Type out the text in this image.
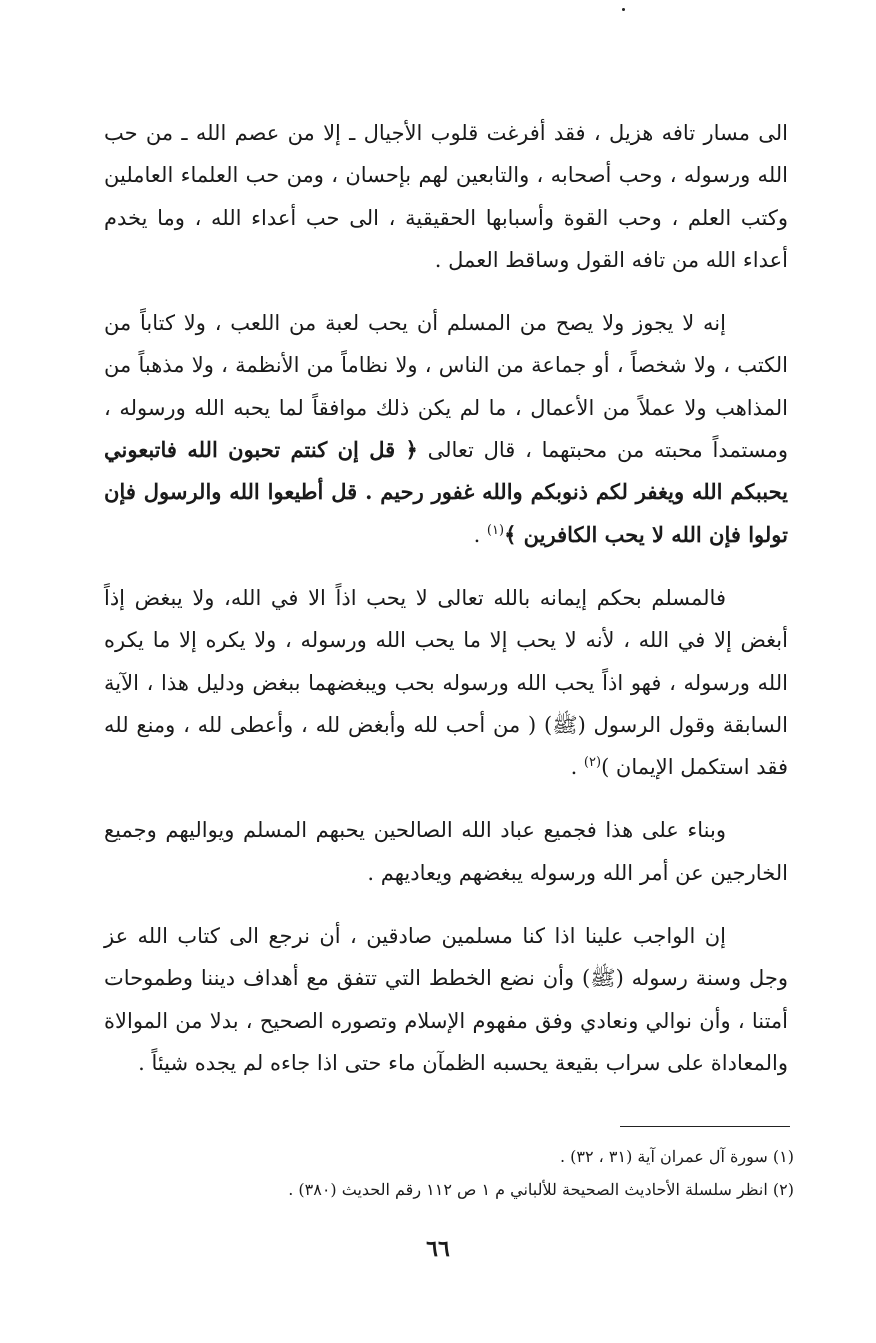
الى مسار تافه هزيل ، فقد أفرغت قلوب الأجيال ـ إلا من عصم الله ـ من حب الله ورسوله ، وحب أصحابه ، والتابعين لهم بإحسان ، ومن حب العلماء العاملين وكتب العلم ، وحب القوة وأسبابها الحقيقية ، الى حب أعداء الله ، وما يخدم أعداء الله من تافه القول وساقط العمل .

إنه لا يجوز ولا يصح من المسلم أن يحب لعبة من اللعب ، ولا كتاباً من الكتب ، ولا شخصاً ، أو جماعة من الناس ، ولا نظاماً من الأنظمة ، ولا مذهباً من المذاهب ولا عملاً من الأعمال ، ما لم يكن ذلك موافقاً لما يحبه الله ورسوله ، ومستمداً محبته من محبتهما ، قال تعالى ﴿ قل إن كنتم تحبون الله فاتبعوني يحببكم الله ويغفر لكم ذنوبكم والله غفور رحيم . قل أطيعوا الله والرسول فإن تولوا فإن الله لا يحب الكافرين ﴾$^{(١)}$ .

فالمسلم بحكم إيمانه بالله تعالى لا يحب اذاً الا في الله، ولا يبغض إذاً أبغض إلا في الله ، لأنه لا يحب إلا ما يحب الله ورسوله ، ولا يكره إلا ما يكره الله ورسوله ، فهو اذاً يحب الله ورسوله بحب ويبغضهما ببغض ودليل هذا ، الآية السابقة وقول الرسول (ﷺ) ( من أحب لله وأبغض لله ، وأعطى لله ، ومنع لله فقد استكمل الإيمان )$^{(٢)}$ .

وبناء على هذا فجميع عباد الله الصالحين يحبهم المسلم ويواليهم وجميع الخارجين عن أمر الله ورسوله يبغضهم ويعاديهم .

إن الواجب علينا اذا كنا مسلمين صادقين ، أن نرجع الى كتاب الله عز وجل وسنة رسوله (ﷺ) وأن نضع الخطط التي تتفق مع أهداف ديننا وطموحات أمتنا ، وأن نوالي ونعادي وفق مفهوم الإسلام وتصوره الصحيح ، بدلا من الموالاة والمعاداة على سراب بقيعة يحسبه الظمآن ماء حتى اذا جاءه لم يجده شيئاً .

(١) سورة آل عمران آية (٣١ ، ٣٢) .

(٢) انظر سلسلة الأحاديث الصحيحة للألباني م ١ ص ١١٢ رقم الحديث (٣٨٠) .

٦٦
